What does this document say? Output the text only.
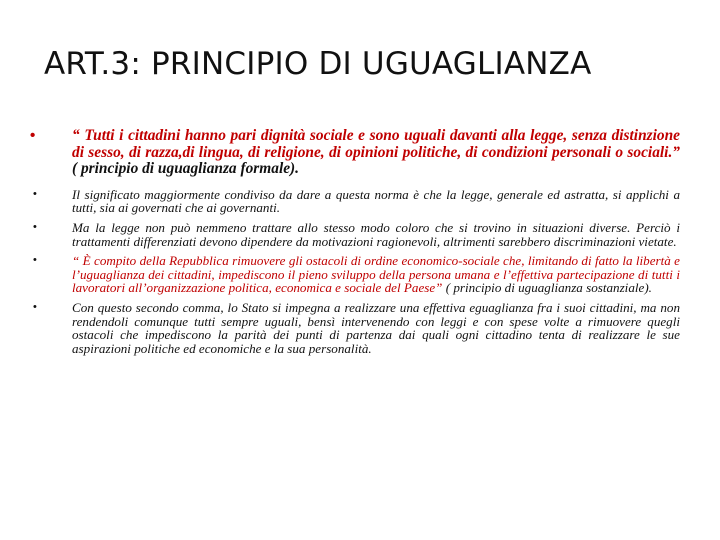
ART.3: PRINCIPIO DI UGUAGLIANZA
• “ Tutti i cittadini hanno pari dignità sociale e sono uguali davanti alla legge, senza distinzione di sesso, di razza,di lingua, di religione, di opinioni politiche, di condizioni personali o sociali.” ( principio di uguaglianza formale).
•	Il significato maggiormente condiviso da dare a questa norma è che la legge, generale ed astratta, si applichi a tutti, sia ai governati che ai governanti.
•	Ma la legge non può nemmeno trattare allo stesso modo coloro che si trovino in situazioni diverse. Perciò i trattamenti differenziati devono dipendere da motivazioni ragionevoli, altrimenti sarebbero discriminazioni vietate.
•	“ È compito della Repubblica rimuovere gli ostacoli di ordine economico-sociale che, limitando di fatto la libertà e l’uguaglianza dei cittadini, impediscono il pieno sviluppo della persona umana e l’effettiva partecipazione di tutti i lavoratori all’organizzazione politica, economica e sociale del Paese” ( principio di uguaglianza sostanziale).
•	Con questo secondo comma, lo Stato si impegna a realizzare una effettiva eguaglianza fra i suoi cittadini, ma non rendendoli comunque tutti sempre uguali, bensì intervenendo con leggi e con spese volte a rimuovere quegli ostacoli che impediscono la parità dei punti di partenza dai quali ogni cittadino tenta di realizzare le sue aspirazioni politiche ed economiche e la sua personalità.
